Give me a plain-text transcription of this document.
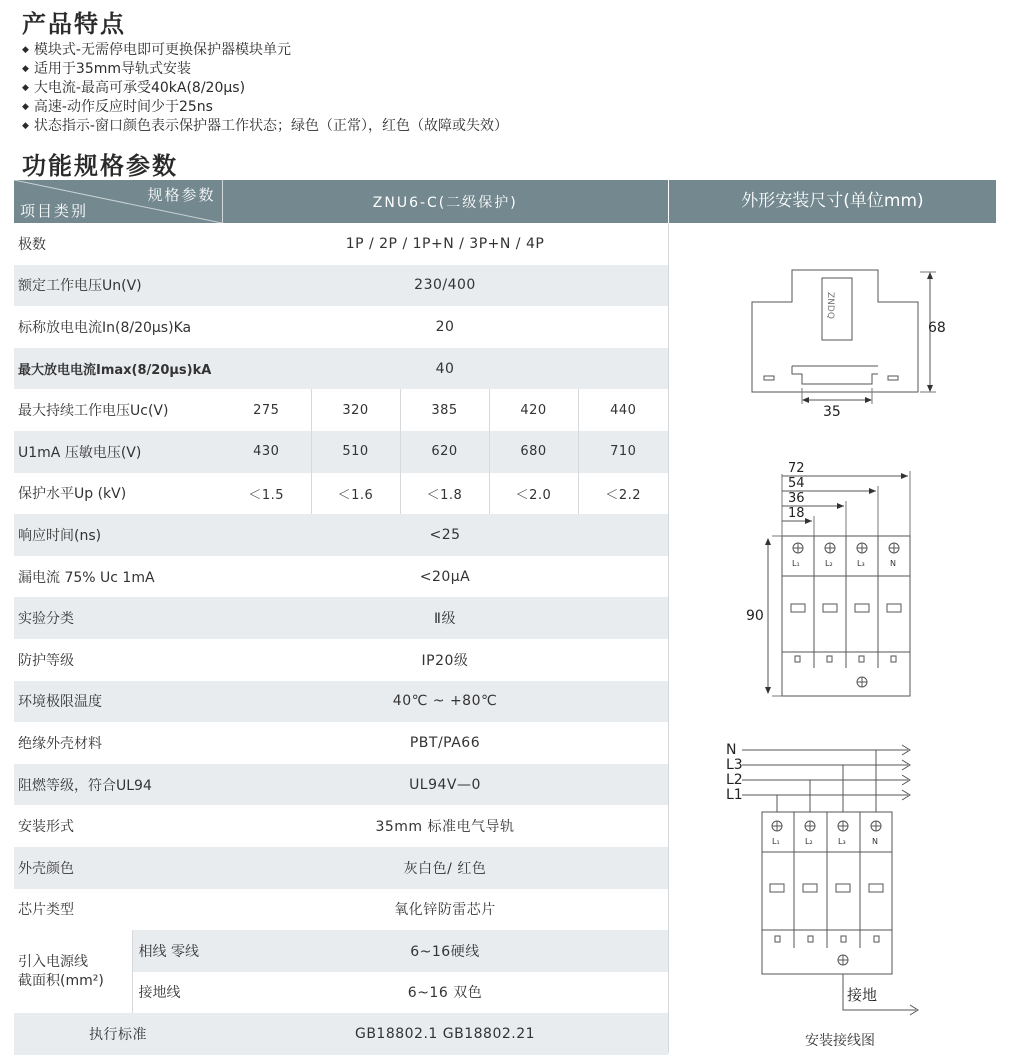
产品特点
◆ 模块式-无需停电即可更换保护器模块单元
◆ 适用于35mm导轨式安装
◆ 大电流-最高可承受40kA(8/20μs)
◆ 高速-动作反应时间少于25ns
◆ 状态指示-窗口颜色表示保护器工作状态；绿色（正常），红色（故障或失效）
功能规格参数
规格参数
项目类别		ZNU6-C(二级保护)				
极数		1P / 2P / 1P+N / 3P+N / 4P				
额定工作电压Un(V)		230/400				
标称放电电流In(8/20μs)Ka		20				
最大放电电流Imax(8/20μs)kA		40				
最大持续工作电压Uc(V)		275	320	385	420	440
U1mA 压敏电压(V)		430	510	620	680	710
保护水平Up (kV)		＜1.5	＜1.6	＜1.8	＜2.0	＜2.2
响应时间(ns)		<25				
漏电流 75% Uc 1mA		<20μA				
实验分类		Ⅱ级				
防护等级		IP20级				
环境极限温度		40℃ ~ +80℃				
绝缘外壳材料		PBT/PA66				
阻燃等级，符合UL94		UL94V—0				
安装形式		35mm 标准电气导轨				
外壳颜色		灰白色/ 红色				
芯片类型		氧化锌防雷芯片				

引入电源线
截面积(mm²)	相线 零线	6~16硬线				
	接地线	6~16 双色				
执行标准		GB18802.1 GB18802.21				
外形安装尺寸(单位mm)
ZNDQ
68
35
L₁	L₂	L₃	N
72
54
36
18
90
N
L3
L2
L1
L₁	L₂	L₃	N
接地
安装接线图
